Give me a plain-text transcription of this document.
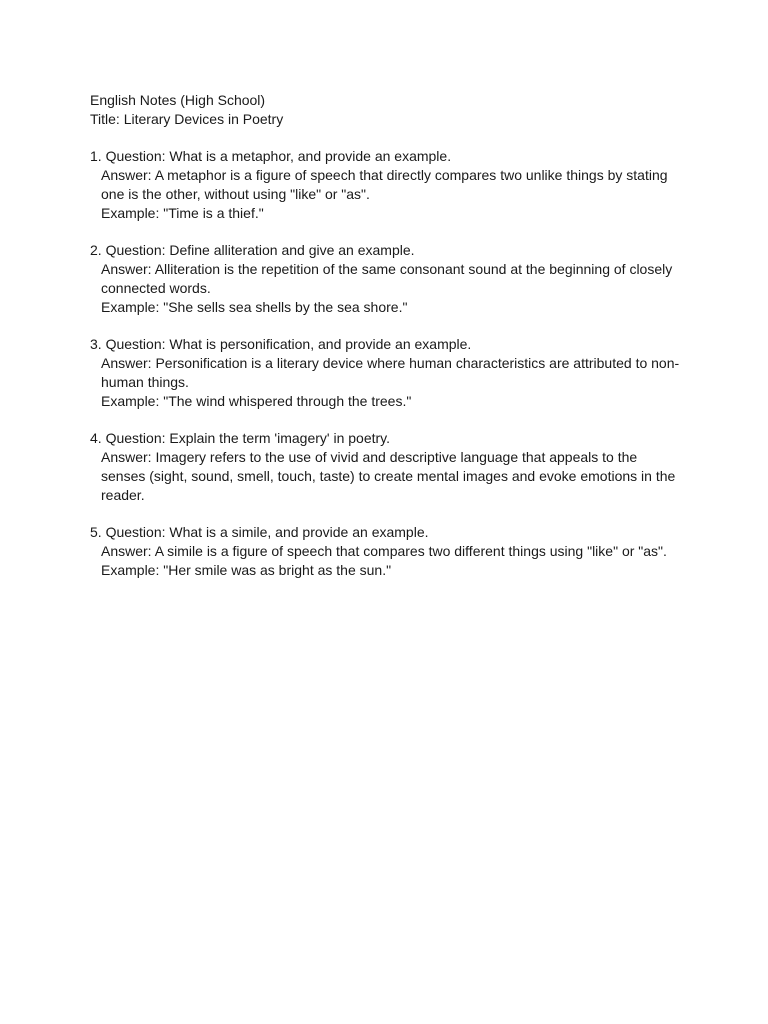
English Notes (High School)
Title: Literary Devices in Poetry
1. Question: What is a metaphor, and provide an example.
Answer: A metaphor is a figure of speech that directly compares two unlike things by stating one is the other, without using "like" or "as".
Example: "Time is a thief."
2. Question: Define alliteration and give an example.
Answer: Alliteration is the repetition of the same consonant sound at the beginning of closely connected words.
Example: "She sells sea shells by the sea shore."
3. Question: What is personification, and provide an example.
Answer: Personification is a literary device where human characteristics are attributed to non-human things.
Example: "The wind whispered through the trees."
4. Question: Explain the term 'imagery' in poetry.
Answer: Imagery refers to the use of vivid and descriptive language that appeals to the senses (sight, sound, smell, touch, taste) to create mental images and evoke emotions in the reader.
5. Question: What is a simile, and provide an example.
Answer: A simile is a figure of speech that compares two different things using "like" or "as".
Example: "Her smile was as bright as the sun."
